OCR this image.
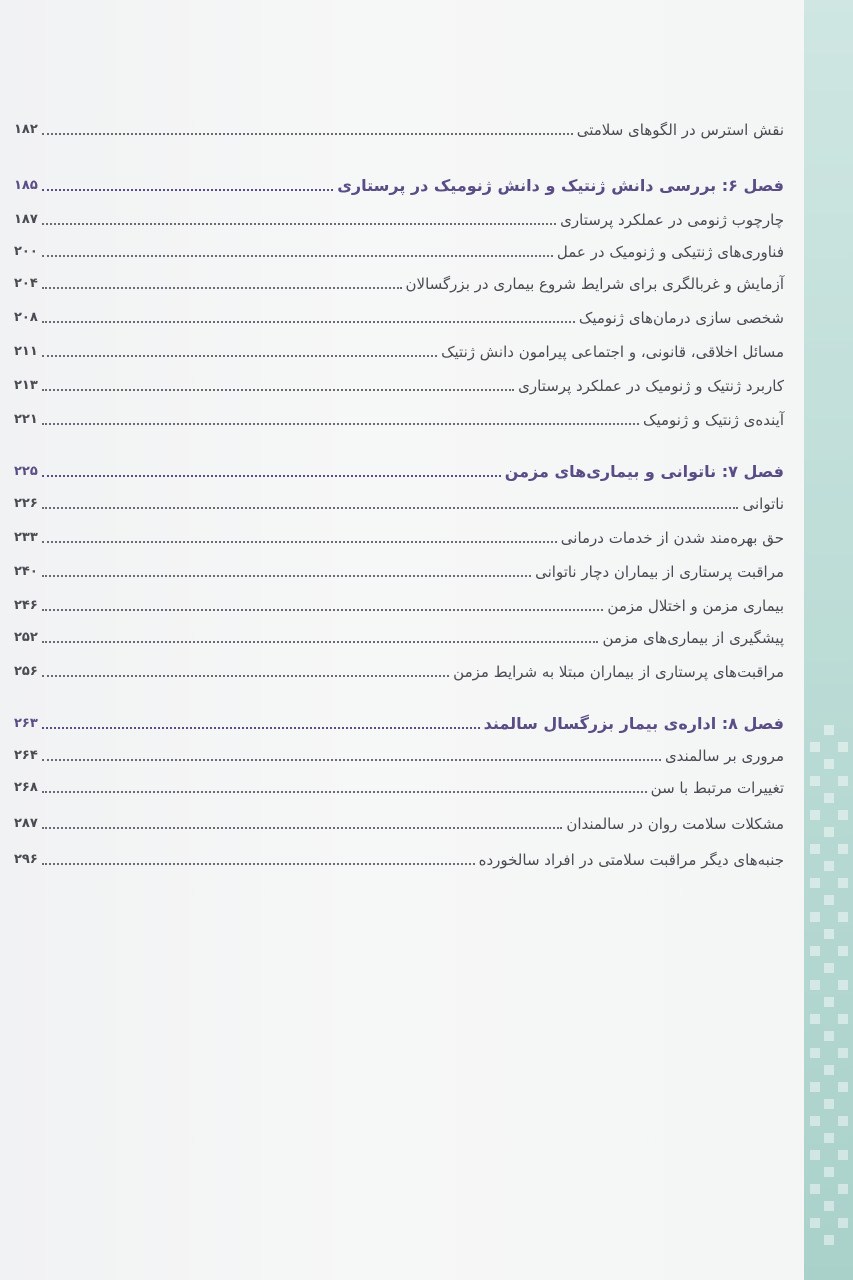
نقش استرس در الگوهای سلامتی
۱۸۲
فصل ۶: بررسی دانش ژنتیک و دانش ژنومیک در پرستاری
۱۸۵
چارچوب ژنومی در عملکرد پرستاری
۱۸۷
فناوری‌های ژنتیکی و ژنومیک در عمل
۲۰۰
آزمایش و غربالگری برای شرایط شروع بیماری در بزرگسالان
۲۰۴
شخصی سازی درمان‌های ژنومیک
۲۰۸
مسائل اخلاقی، قانونی، و اجتماعی پیرامون دانش ژنتیک
۲۱۱
کاربرد ژنتیک و ژنومیک در عملکرد پرستاری
۲۱۳
آینده‌ی ژنتیک و ژنومیک
۲۲۱
فصل ۷: ناتوانی و بیماری‌های مزمن
۲۲۵
ناتوانی
۲۲۶
حق بهره‌مند شدن از خدمات درمانی
۲۳۳
مراقبت پرستاری از بیماران دچار ناتوانی
۲۴۰
بیماری مزمن و اختلال مزمن
۲۴۶
پیشگیری از بیماری‌های مزمن
۲۵۲
مراقبت‌های پرستاری از بیماران مبتلا به شرایط مزمن
۲۵۶
فصل ۸: اداره‌ی بیمار بزرگسال سالمند
۲۶۳
مروری بر سالمندی
۲۶۴
تغییرات مرتبط با سن
۲۶۸
مشکلات سلامت روان در سالمندان
۲۸۷
جنبه‌های دیگر مراقبت سلامتی در افراد سالخورده
۲۹۶
